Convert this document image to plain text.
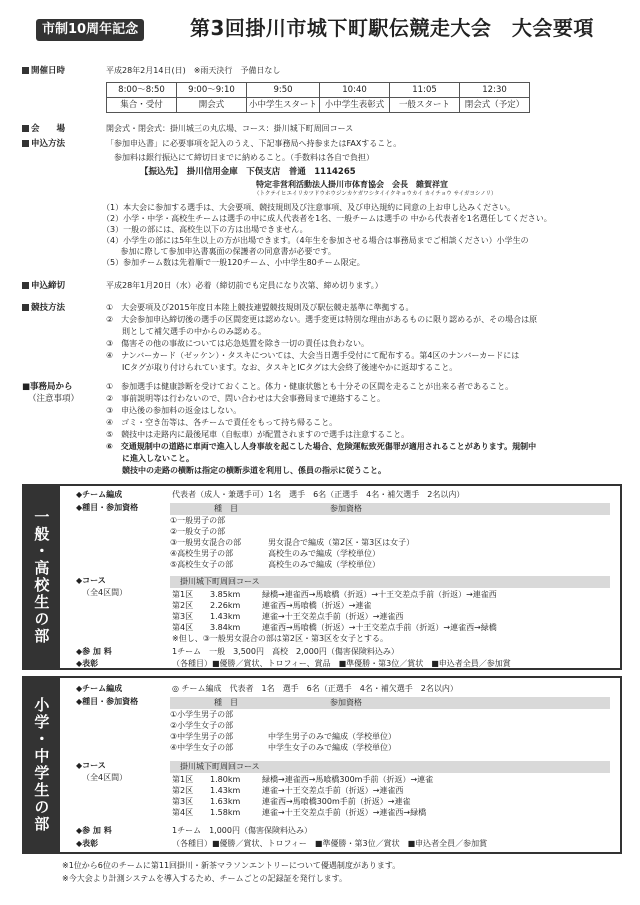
市制10周年記念	第3回掛川市城下町駅伝競走大会　大会要項
開催日時	平成28年2月14日(日)　※雨天決行　予備日なし
8:00～8:50	9:00～9:10	9:50	10:40	11:05	12:30
集合・受付	開会式	小中学生スタート	小中学生表彰式	一般スタート	閉会式（予定）
会　　場	開会式・閉会式：掛川城三の丸広場、コース：掛川城下町周回コース
申込方法	「参加申込書」に必要事項を記入のうえ、下記事務局へ持参またはFAXすること。
参加料は銀行振込にて締切日までに納めること。（手数料は各自で負担）
【振込先】　掛川信用金庫　下俣支店　普通　1114265
特定非営利活動法人掛川市体育協会　会長　雜賀祥宣
（トクテイヒエイリカツドウホウジンカケガワシタイイクキョウカイ カイチョウ サイガヨシノリ）
（1）本大会に参加する選手は、大会要項、競技規則及び注意事項、及び申込規約に同意の上お申し込みください。
（2）小学・中学・高校生チームは選手の中に成人代表者を1名、一般チームは選手の 中から代表者を1名選任してください。
（3）一般の部には、高校生以下の方は出場できません。
（4）小学生の部には5年生以上の方が出場できます。（4年生を参加させる場合は事務局までご相談ください）小学生の
　　 参加に際して参加申込書裏面の保護者の同意書が必要です。
（5）参加チーム数は先着順で一般120チーム、小中学生80チーム限定。
申込締切	平成28年1月20日（水）必着（締切前でも定員になり次第、締め切ります。）
競技方法	①　大会要項及び2015年度日本陸上競技連盟競技規則及び駅伝競走基準に準拠する。
②　大会参加申込締切後の選手の区間変更は認めない。選手変更は特別な理由があるものに限り認めるが、その場合は原
　　則として補欠選手の中からのみ認める。
③　傷害その他の事故については応急処置を除き一切の責任は負わない。
④　ナンバーカード（ゼッケン）・タスキについては、大会当日選手受付にて配布する。第4区のナンバーカードには
　　ICタグが取り付けられています。なお、タスキとICタグは大会終了後速やかに返却すること。
■事務局から	①　参加選手は健康診断を受けておくこと。体力・健康状態とも十分その区間を走ることが出来る者であること。
（注意事項）	②　事前説明等は行わないので、問い合わせは大会事務局まで連絡すること。
③　申込後の参加料の返金はしない。
④　ゴミ・空き缶等は、各チームで責任をもって持ち帰ること。
⑤　競技中は走路内に最後尾車（自転車）が配置されますので選手は注意すること。
⑥　交通規制中の道路に車両で進入し人身事故を起こした場合、危険運転致死傷罪が適用されることがあります。規制中
　　に進入しないこと。
　　競技中の走路の横断は指定の横断歩道を利用し、係員の指示に従うこと。
一般・高校生の部
◆チーム編成	代表者（成人・兼選手可）1名　選手　6名（正選手　4名・補欠選手　2名以内）
◆種目・参加資格	種　目	参加資格
①一般男子の部
②一般女子の部
③一般男女混合の部	男女混合で編成（第2区・第3区は女子）
④高校生男子の部	高校生のみで編成（学校単位）
⑤高校生女子の部	高校生のみで編成（学校単位）
◆コース
（全4区間）
掛川城下町周回コース
第1区 3.85km	緑橋→連雀西→馬喰橋（折返）→十王交差点手前（折返）→連雀西
第2区 2.26km	連雀西→馬喰橋（折返）→連雀
第3区 1.43km	連雀→十王交差点手前（折返）→連雀西
第4区 3.84km	連雀西→馬喰橋（折返）→十王交差点手前（折返）→連雀西→緑橋
※但し、③一般男女混合の部は第2区・第3区を女子とする。
◆参 加 料	1チーム　一般　3,500円　高校　2,000円（傷害保険料込み）
◆表彰	（各種目）■優勝／賞状、トロフィー、賞品　■準優勝・第3位／賞状　■申込者全員／参加賞
小学・中学生の部
◆チーム編成	◎ チーム編成　代表者　1名　選手　6名（正選手　4名・補欠選手　2名以内）
◆種目・参加資格	種　目	参加資格
①小学生男子の部
②小学生女子の部
③中学生男子の部	中学生男子のみで編成（学校単位）
④中学生女子の部	中学生女子のみで編成（学校単位）
◆コース
（全4区間）
掛川城下町周回コース
第1区 1.80km	緑橋→連雀西→馬喰橋300m手前（折返）→連雀
第2区 1.43km	連雀→十王交差点手前（折返）→連雀西
第3区 1.63km	連雀西→馬喰橋300m手前（折返）→連雀
第4区 1.58km	連雀→十王交差点手前（折返）→連雀西→緑橋
◆参 加 料	1チーム　1,000円（傷害保険料込み）
◆表彰	（各種目）■優勝／賞状、トロフィー　■準優勝・第3位／賞状　■申込者全員／参加賞
※1位から6位のチームに第11回掛川・新茶マラソンエントリーについて優遇制度があります。
※今大会より計測システムを導入するため、チームごとの記録証を発行します。
